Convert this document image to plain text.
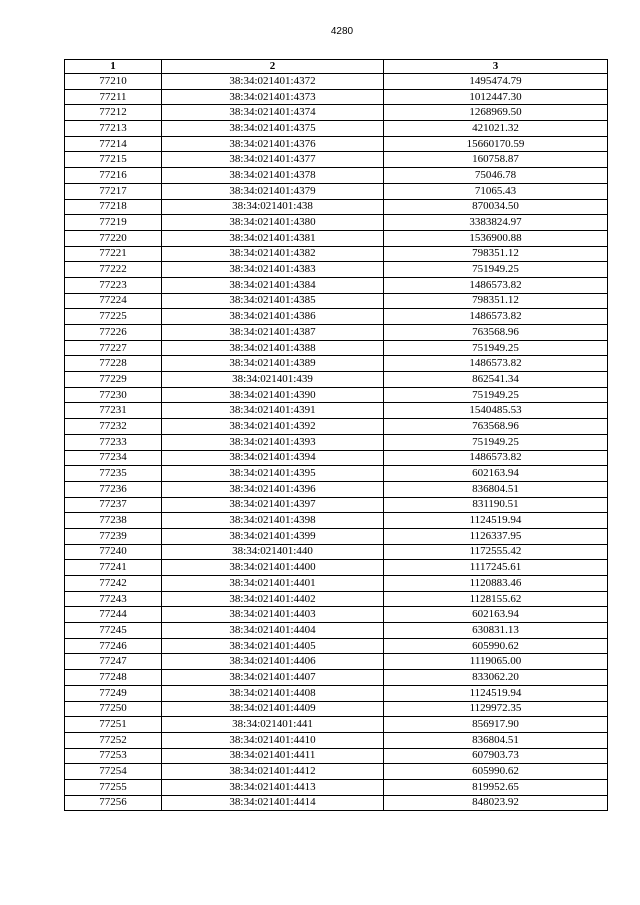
4280
1	2	3
77210	38:34:021401:4372	1495474.79
77211	38:34:021401:4373	1012447.30
77212	38:34:021401:4374	1268969.50
77213	38:34:021401:4375	421021.32
77214	38:34:021401:4376	15660170.59
77215	38:34:021401:4377	160758.87
77216	38:34:021401:4378	75046.78
77217	38:34:021401:4379	71065.43
77218	38:34:021401:438	870034.50
77219	38:34:021401:4380	3383824.97
77220	38:34:021401:4381	1536900.88
77221	38:34:021401:4382	798351.12
77222	38:34:021401:4383	751949.25
77223	38:34:021401:4384	1486573.82
77224	38:34:021401:4385	798351.12
77225	38:34:021401:4386	1486573.82
77226	38:34:021401:4387	763568.96
77227	38:34:021401:4388	751949.25
77228	38:34:021401:4389	1486573.82
77229	38:34:021401:439	862541.34
77230	38:34:021401:4390	751949.25
77231	38:34:021401:4391	1540485.53
77232	38:34:021401:4392	763568.96
77233	38:34:021401:4393	751949.25
77234	38:34:021401:4394	1486573.82
77235	38:34:021401:4395	602163.94
77236	38:34:021401:4396	836804.51
77237	38:34:021401:4397	831190.51
77238	38:34:021401:4398	1124519.94
77239	38:34:021401:4399	1126337.95
77240	38:34:021401:440	1172555.42
77241	38:34:021401:4400	1117245.61
77242	38:34:021401:4401	1120883.46
77243	38:34:021401:4402	1128155.62
77244	38:34:021401:4403	602163.94
77245	38:34:021401:4404	630831.13
77246	38:34:021401:4405	605990.62
77247	38:34:021401:4406	1119065.00
77248	38:34:021401:4407	833062.20
77249	38:34:021401:4408	1124519.94
77250	38:34:021401:4409	1129972.35
77251	38:34:021401:441	856917.90
77252	38:34:021401:4410	836804.51
77253	38:34:021401:4411	607903.73
77254	38:34:021401:4412	605990.62
77255	38:34:021401:4413	819952.65
77256	38:34:021401:4414	848023.92
